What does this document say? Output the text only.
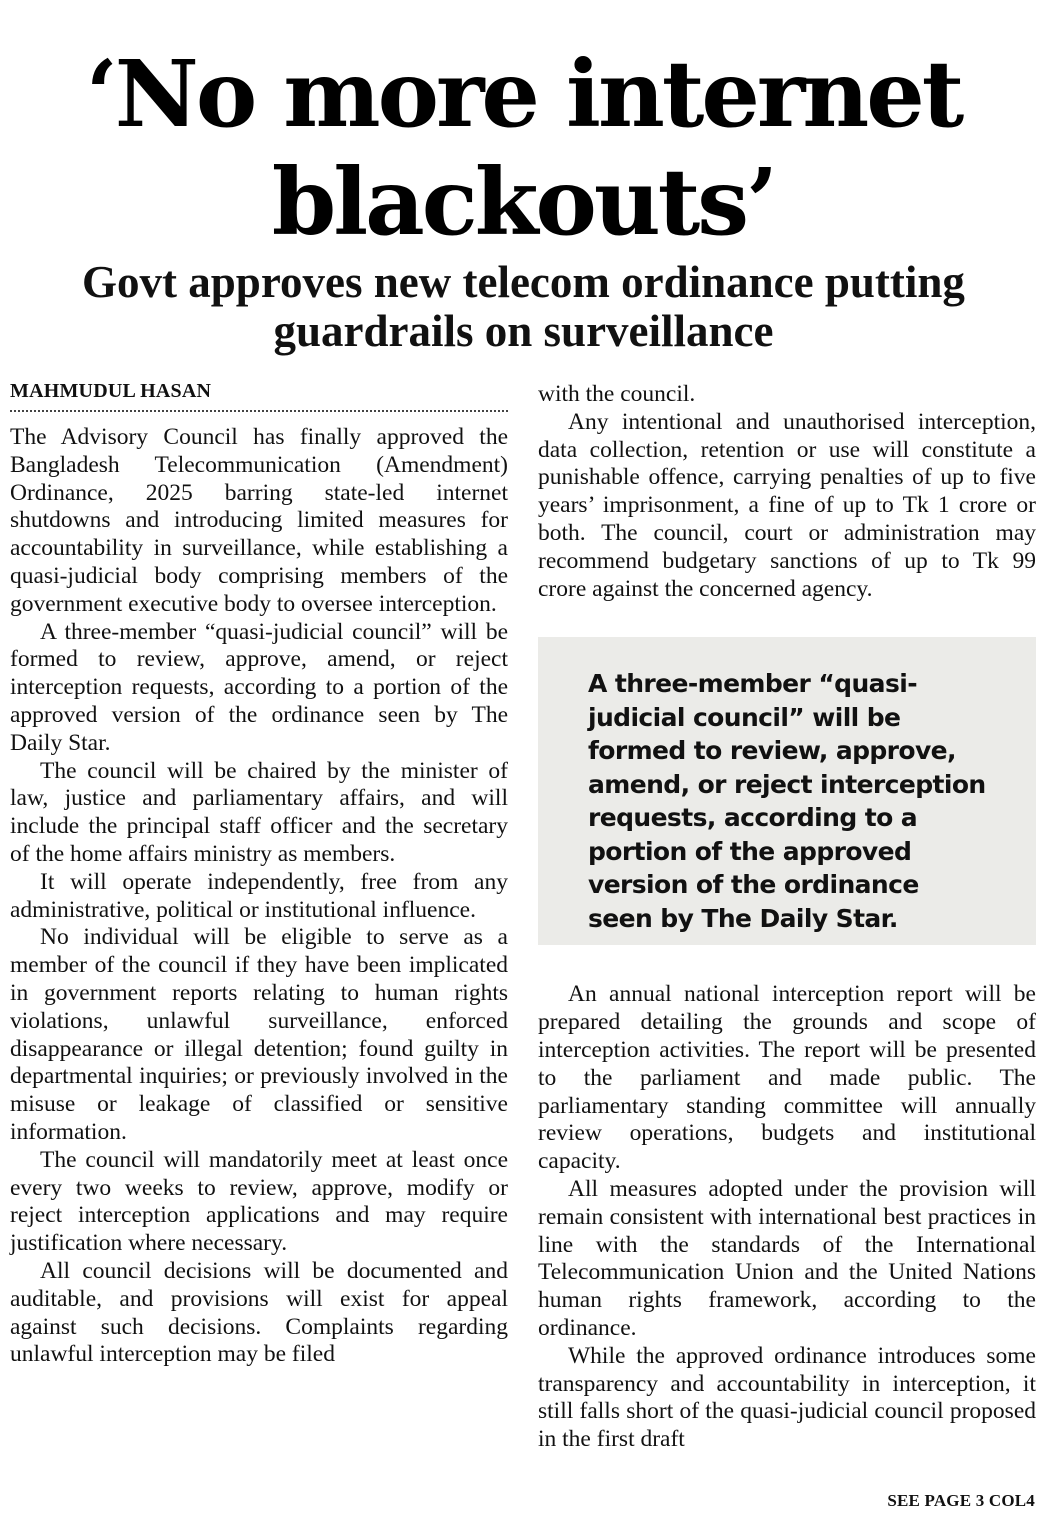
‘No more internet
blackouts’
Govt approves new telecom ordinance putting
guardrails on surveillance
MAHMUDUL HASAN

The Advisory Council has finally approved the Bangladesh Telecommunication (Amendment) Ordinance, 2025 barring state-led internet shutdowns and introducing limited measures for accountability in surveillance, while establishing a quasi-judicial body comprising members of the government executive body to oversee interception.

A three-member “quasi-judicial council” will be formed to review, approve, amend, or reject interception requests, according to a portion of the approved version of the ordinance seen by The Daily Star.

The council will be chaired by the minister of law, justice and parliamentary affairs, and will include the principal staff officer and the secretary of the home affairs ministry as members.

It will operate independently, free from any administrative, political or institutional influence.

No individual will be eligible to serve as a member of the council if they have been implicated in government reports relating to human rights violations, unlawful surveillance, enforced disappearance or illegal detention; found guilty in departmental inquiries; or previously involved in the misuse or leakage of classified or sensitive information.

The council will mandatorily meet at least once every two weeks to review, approve, modify or reject interception applications and may require justification where necessary.

All council decisions will be documented and auditable, and provisions will exist for appeal against such decisions. Complaints regarding unlawful interception may be filed

with the council.

Any intentional and unauthorised interception, data collection, retention or use will constitute a punishable offence, carrying penalties of up to five years’ imprisonment, a fine of up to Tk 1 crore or both. The council, court or administration may recommend budgetary sanctions of up to Tk 99 crore against the concerned agency.

A three-member “quasi-judicial council” will be formed to review, approve, amend, or reject interception requests, according to a portion of the approved version of the ordinance seen by The Daily Star.

An annual national interception report will be prepared detailing the grounds and scope of interception activities. The report will be presented to the parliament and made public. The parliamentary standing committee will annually review operations, budgets and institutional capacity.

All measures adopted under the provision will remain consistent with international best practices in line with the standards of the International Telecommunication Union and the United Nations human rights framework, according to the ordinance.

While the approved ordinance introduces some transparency and accountability in interception, it still falls short of the quasi-judicial council proposed in the first draft

SEE PAGE 3 COL4
